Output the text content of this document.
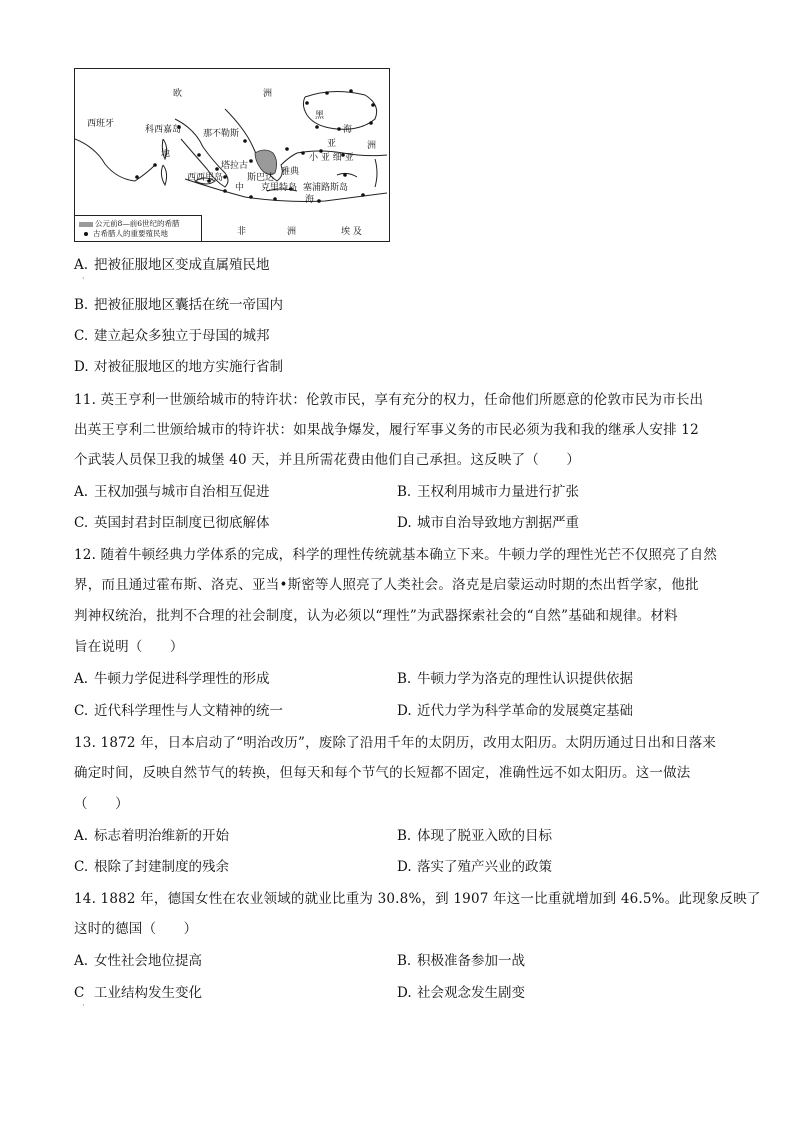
欧	洲
西班牙
科西嘉岛 那不勒斯
黑
海
亚	洲
小 亚 细 亚
地
塔拉古
雅典
西西里岛	斯巴达
克里特岛 塞浦路斯岛
中
海
非	洲	埃 及
公元前8—前6世纪的希腊
古希腊人的重要殖民地
A. 把被征服地区变成直属殖民地
·
B. 把被征服地区囊括在统一帝国内
C. 建立起众多独立于母国的城邦
D. 对被征服地区的地方实施行省制
11. 英王亨利一世颁给城市的特许状：伦敦市民，享有充分的权力，任命他们所愿意的伦敦市民为市长出
出英王亨利二世颁给城市的特许状：如果战争爆发，履行军事义务的市民必须为我和我的继承人安排 12
个武装人员保卫我的城堡 40 天，并且所需花费由他们自己承担。这反映了（　　）
A. 王权加强与城市自治相互促进	B. 王权利用城市力量进行扩张
C. 英国封君封臣制度已彻底解体	D. 城市自治导致地方割据严重
12. 随着牛顿经典力学体系的完成，科学的理性传统就基本确立下来。牛顿力学的理性光芒不仅照亮了自然
界，而且通过霍布斯、洛克、亚当•斯密等人照亮了人类社会。洛克是启蒙运动时期的杰出哲学家，他批
判神权统治，批判不合理的社会制度，认为必须以“理性”为武器探索社会的“自然”基础和规律。材料
旨在说明（　　）
A. 牛顿力学促进科学理性的形成	B. 牛顿力学为洛克的理性认识提供依据
C. 近代科学理性与人文精神的统一	D. 近代力学为科学革命的发展奠定基础
13. 1872 年，日本启动了“明治改历”，废除了沿用千年的太阴历，改用太阳历。太阴历通过日出和日落来
确定时间，反映自然节气的转换，但每天和每个节气的长短都不固定，准确性远不如太阳历。这一做法
（　　）
A. 标志着明治维新的开始	B. 体现了脱亚入欧的目标
C. 根除了封建制度的残余	D. 落实了殖产兴业的政策
14. 1882 年，德国女性在农业领域的就业比重为 30.8%，到 1907 年这一比重就增加到 46.5%。此现象反映了
这时的德国（　　）
A. 女性社会地位提高	B. 积极准备参加一战
C 工业结构发生变化	D. 社会观念发生剧变
·
